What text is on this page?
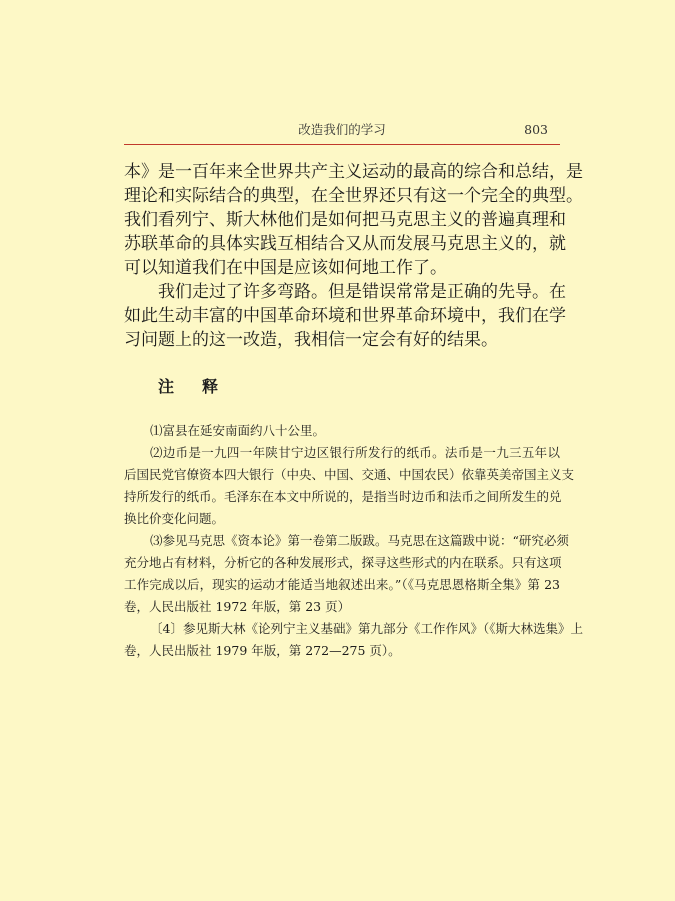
改造我们的学习	803
本》是一百年来全世界共产主义运动的最高的综合和总结，是
理论和实际结合的典型，在全世界还只有这一个完全的典型。
我们看列宁、斯大林他们是如何把马克思主义的普遍真理和
苏联革命的具体实践互相结合又从而发展马克思主义的，就
可以知道我们在中国是应该如何地工作了。
我们走过了许多弯路。但是错误常常是正确的先导。在
如此生动丰富的中国革命环境和世界革命环境中，我们在学
习问题上的这一改造，我相信一定会有好的结果。
注释
⑴富县在延安南面约八十公里。
⑵边币是一九四一年陕甘宁边区银行所发行的纸币。法币是一九三五年以
后国民党官僚资本四大银行（中央、中国、交通、中国农民）依靠英美帝国主义支
持所发行的纸币。毛泽东在本文中所说的，是指当时边币和法币之间所发生的兑
换比价变化问题。
⑶参见马克思《资本论》第一卷第二版跋。马克思在这篇跋中说：“研究必须
充分地占有材料，分析它的各种发展形式，探寻这些形式的内在联系。只有这项
工作完成以后，现实的运动才能适当地叙述出来。”（《马克思恩格斯全集》第 23
卷，人民出版社 1972 年版，第 23 页）
〔4〕参见斯大林《论列宁主义基础》第九部分《工作作风》（《斯大林选集》上
卷，人民出版社 1979 年版，第 272—275 页）。
